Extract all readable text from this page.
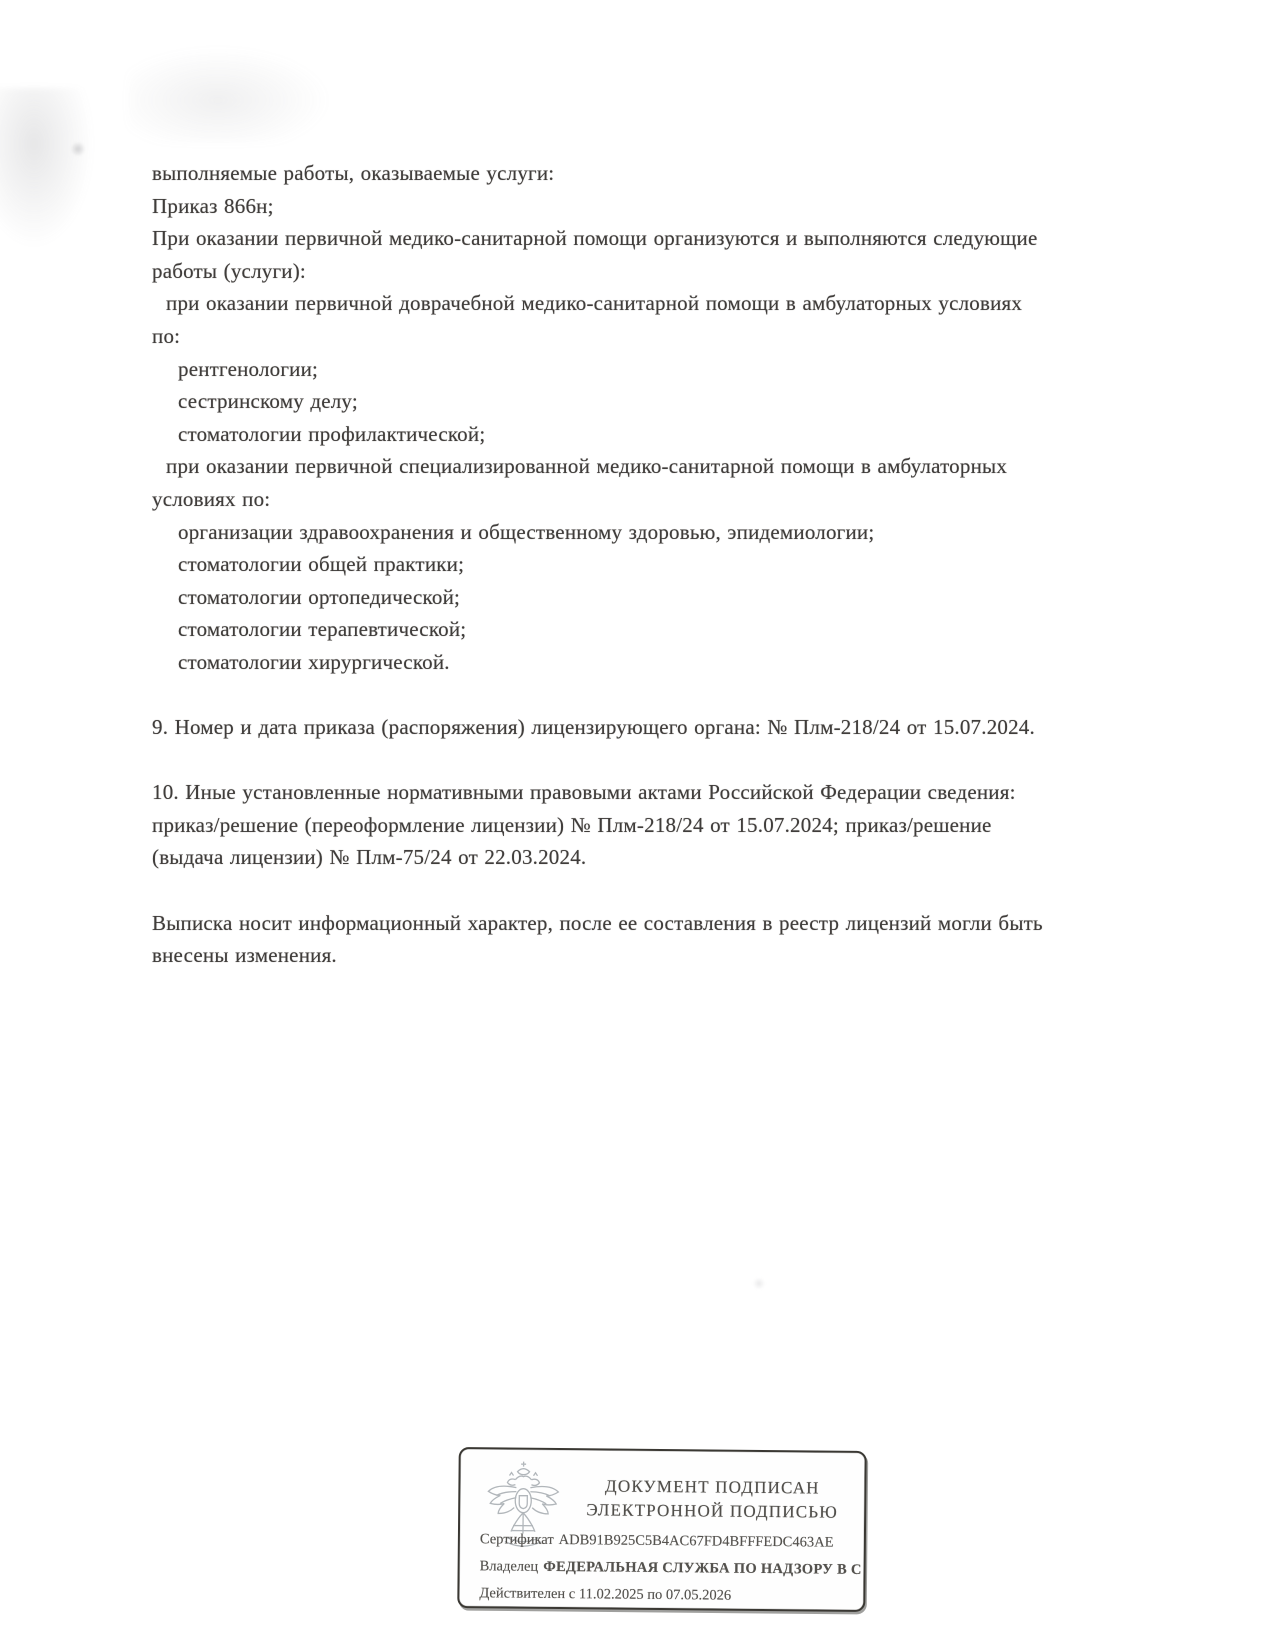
выполняемые работы, оказываемые услуги:
Приказ 866н;
При оказании первичной медико-санитарной помощи организуются и выполняются следующие
работы (услуги):
при оказании первичной доврачебной медико-санитарной помощи в амбулаторных условиях
по:
рентгенологии;
сестринскому делу;
стоматологии профилактической;
при оказании первичной специализированной медико-санитарной помощи в амбулаторных
условиях по:
организации здравоохранения и общественному здоровью, эпидемиологии;
стоматологии общей практики;
стоматологии ортопедической;
стоматологии терапевтической;
стоматологии хирургической.
9. Номер и дата приказа (распоряжения) лицензирующего органа: № Плм-218/24 от 15.07.2024.
10. Иные установленные нормативными правовыми актами Российской Федерации сведения:
приказ/решение (переоформление лицензии) № Плм-218/24 от 15.07.2024; приказ/решение
(выдача лицензии) № Плм-75/24 от 22.03.2024.
Выписка носит информационный характер, после ее составления в реестр лицензий могли быть
внесены изменения.
ДОКУМЕНТ ПОДПИСАН
ЭЛЕКТРОННОЙ ПОДПИСЬЮ
Сертификат ADB91B925C5B4AC67FD4BFFFEDC463AE
Владелец ФЕДЕРАЛЬНАЯ СЛУЖБА ПО НАДЗОРУ В С
Действителен с 11.02.2025 по 07.05.2026
